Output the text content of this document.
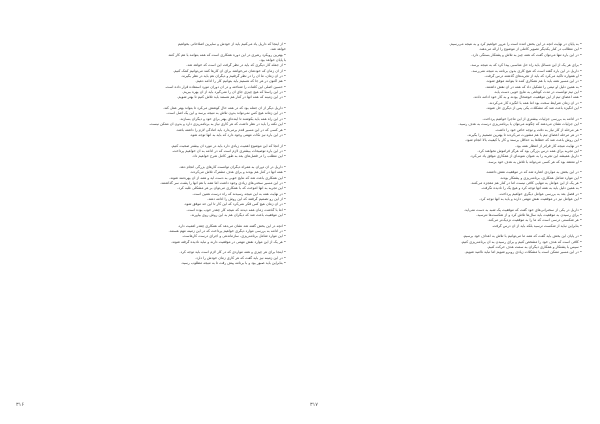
• از اینجا که داریل یاد می‌کنیم باید از خودش و سایرین اصلاحاتی بخواهیم
خواهد شد.
• بهترین رویکرد رهبری در این دوره همکاری است که همه بتوانند با هم کار کنند
با پایان خواهد بود.
• از جمله کار دیگری که باید در نظر گرفت این است که خواهد شد.
• از آن زمان که خودشان می‌خواهند برای آن کارها کنند می‌توانیم کمک کنیم.
• در آن زمان، ما آن را در نظر گرفتیم و دیگران هم باید در نظر بگیرند.
• هم اکنون در هر جا که هستیم باید بتوانیم کار را ادامه دهیم.
• حسین اصلی این کلمات را شناخته و در آن دوران مورد استفاده قرار داده است.
• در این راستا که هیچ چیزی جای آن را نمی‌گیرد باید از آن بهره ببریم.
• در این زمینه که همه آنها در کنار هم هستند باید تلاش کنیم تا بهتر شویم.
• داریل دیگر از آن جمله بود که در همه حال کوشش می‌کرد تا بتواند بهتر عمل کند.
• در این زمانه هیچ کس نمی‌تواند بدون تلاش به نتیجه برسد و این یک اصل است.
• در این راه همه باید بکوشند تا آینده‌ای بهتر برای خود و دیگران بسازند.
• این نکته را باید در نظر داشت که هر کاری نیاز به برنامه‌ریزی دارد و بدون آن ممکن نیست.
• هر کسی که در این مسیر قدم برمی‌دارد باید آمادگی لازم را داشته باشد.
• در این باره نیز نکات مهمی وجود دارد که باید به آنها توجه شود.
• از آنجا که این موضوع اهمیت زیادی دارد باید در مورد آن بیشتر صحبت کنیم.
• در این باره توضیحات بیشتری لازم است که در ادامه به آن خواهیم پرداخت.
• این مطلب را در فصل‌های بعد به طور کامل شرح خواهیم داد.
• داریل در آن دوران به همراه دیگران توانست کارهای بزرگی انجام دهد.
• همه آنها در کنار هم بودند و برای هدف مشترک تلاش می‌کردند.
• این همکاری باعث شد که نتایج خوبی به دست آید و همه از آن بهره‌مند شوند.
• در این مسیر سختی‌های زیادی وجود داشت اما همه با هم آنها را پشت سر گذاشتند.
• این تجربه به آنها آموخت که با همکاری می‌توان بر هر مشکلی غلبه کرد.
• در نهایت همه به این نتیجه رسیدند که راه درست همین است.
• از این رو تصمیم گرفتند که این روش را ادامه دهند.
• در آن زمان هیچ کس فکر نمی‌کرد که این کار تا این حد موفق شود.
• اما با گذشت زمان همه دیدند که نتیجه کار چقدر خوب بوده است.
• این موفقیت باعث شد که دیگران هم به این روش روی بیاورند.
• آنچه در این بخش گفته شد نشان می‌دهد که همکاری چقدر اهمیت دارد.
• در ادامه به بررسی موارد دیگری خواهیم پرداخت که در این زمینه مهم هستند.
• این موارد شامل برنامه‌ریزی، سازماندهی و اجرای درست کارهاست.
• هر یک از این موارد نقش مهمی در موفقیت دارند و نباید نادیده گرفته شوند.
• اینجا برای هر چیزی و همه مواردی که در کار لازم است باید توجه کرد.
• در این زمینه نیز باید گفت که هر کاری زمان خودش را دارد.
• بنابراین باید صبور بود و با برنامه پیش رفت تا به نتیجه مطلوب رسید.
۳۱۶
• به پایان در نهایت آنچه در این بخش آمده است را مرور خواهیم کرد و به نتیجه می‌رسیم.
• این مطالب در کنار یکدیگر تصویر کاملی از موضوع را ارائه می‌دهند.
• در این باره تنها می‌توان گفت که همه چیز به تلاش و پشتکار بستگی دارد.
• برای هر یک از این مسائل باید راه حل مناسبی پیدا کرد که به نتیجه برسد.
• داریل در این باره گفته است که هیچ کاری بدون برنامه به نتیجه نمی‌رسد.
• او همواره تاکید می‌کرد که باید از تجربه‌های گذشته درس گرفت.
• در این مسیر همه باید با هم همکاری کنند تا بتوانند موفق شوند.
• به همین دلیل او تیمی را تشکیل داد که همه در آن نقش داشتند.
• این تیم توانست در مدت کوتاهی به نتایج خوبی دست یابد.
• همه اعضای تیم از این موفقیت خوشحال بودند و به کار خود ادامه دادند.
• در آن زمان شرایط سخت بود اما همه با انگیزه کار می‌کردند.
• این انگیزه باعث شد که مشکلات یکی پس از دیگری حل شوند.
• در ادامه به بررسی جزئیات بیشتری از این ماجرا خواهیم پرداخت.
• این جزئیات نشان می‌دهند که چگونه می‌توان با برنامه‌ریزی درست به هدف رسید.
• هر مرحله از کار نیاز به دقت و توجه خاص خود را داشت.
• در هر مرحله اعضای تیم با هم مشورت می‌کردند تا بهترین تصمیم را بگیرند.
• این روش باعث شد که خطاها به حداقل برسند و کار با کیفیت بالا انجام شود.
• در نهایت نتیجه کار فراتر از انتظار همه بود.
• این تجربه برای همه درس بزرگی بود که هرگز فراموش نخواهند کرد.
• داریل همیشه این تجربه را به عنوان نمونه‌ای از همکاری موفق یاد می‌کرد.
• او معتقد بود که هر کسی می‌تواند با تلاش به هدف خود برسد.
• در این بخش به مواردی اشاره شد که در موفقیت نقش داشتند.
• این موارد شامل همکاری، برنامه‌ریزی و پشتکار بودند.
• هر یک از این عوامل به تنهایی کافی نیست اما در کنار هم معجزه می‌کنند.
• به همین دلیل باید به همه آنها توجه کرد و هیچ یک را نادیده نگرفت.
• در فصل بعد به بررسی عوامل دیگری خواهیم پرداخت.
• این عوامل نیز در موفقیت نقش مهمی دارند و باید به آنها توجه کرد.
• داریل در یکی از سخنرانی‌های خود گفت که موفقیت یک شبه به دست نمی‌آید.
• برای رسیدن به موفقیت باید سال‌ها تلاش کرد و از شکست‌ها نترسید.
• هر شکستی درسی است که ما را به موفقیت نزدیک‌تر می‌کند.
• بنابراین نباید از شکست ترسید بلکه باید از آن درس گرفت.
• در پایان این بخش باید گفت که همه ما می‌توانیم با تلاش به اهداف خود برسیم.
• کافی است که هدف خود را مشخص کنیم و برای رسیدن به آن برنامه‌ریزی کنیم.
• سپس با پشتکار و همکاری دیگران به سمت هدف حرکت کنیم.
• در این مسیر ممکن است با مشکلات زیادی روبرو شویم اما نباید ناامید شویم.
۳۱۷
